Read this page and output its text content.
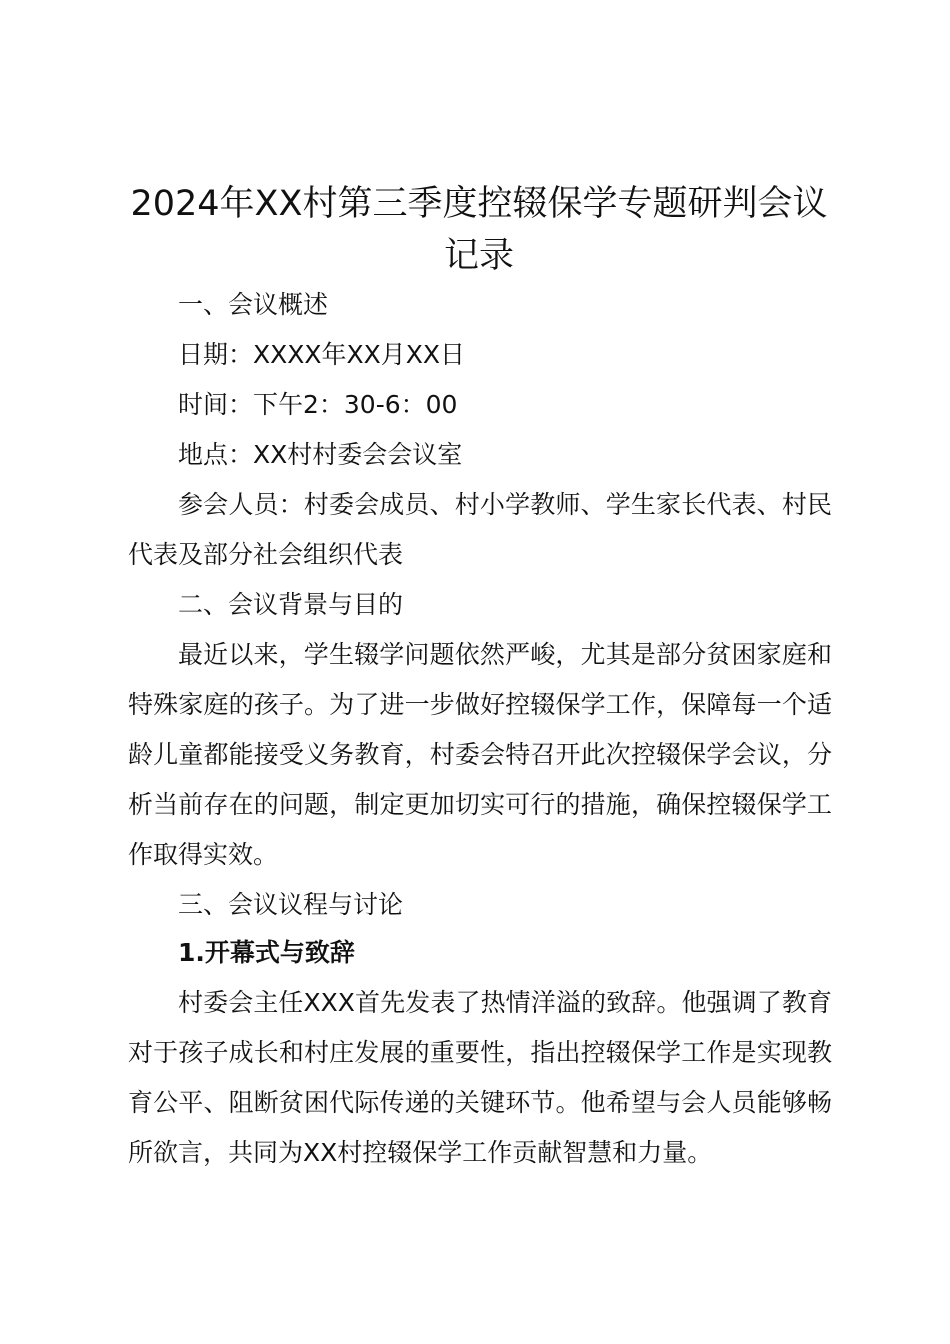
2024年XX村第三季度控辍保学专题研判会议记录

一、会议概述

日期：XXXX年XX月XX日

时间：下午2：30-6：00

地点：XX村村委会会议室

参会人员：村委会成员、村小学教师、学生家长代表、村民代表及部分社会组织代表

二、会议背景与目的

最近以来，学生辍学问题依然严峻，尤其是部分贫困家庭和特殊家庭的孩子。为了进一步做好控辍保学工作，保障每一个适龄儿童都能接受义务教育，村委会特召开此次控辍保学会议，分析当前存在的问题，制定更加切实可行的措施，确保控辍保学工作取得实效。

三、会议议程与讨论

1.开幕式与致辞

村委会主任XXX首先发表了热情洋溢的致辞。他强调了教育对于孩子成长和村庄发展的重要性，指出控辍保学工作是实现教育公平、阻断贫困代际传递的关键环节。他希望与会人员能够畅所欲言，共同为XX村控辍保学工作贡献智慧和力量。
